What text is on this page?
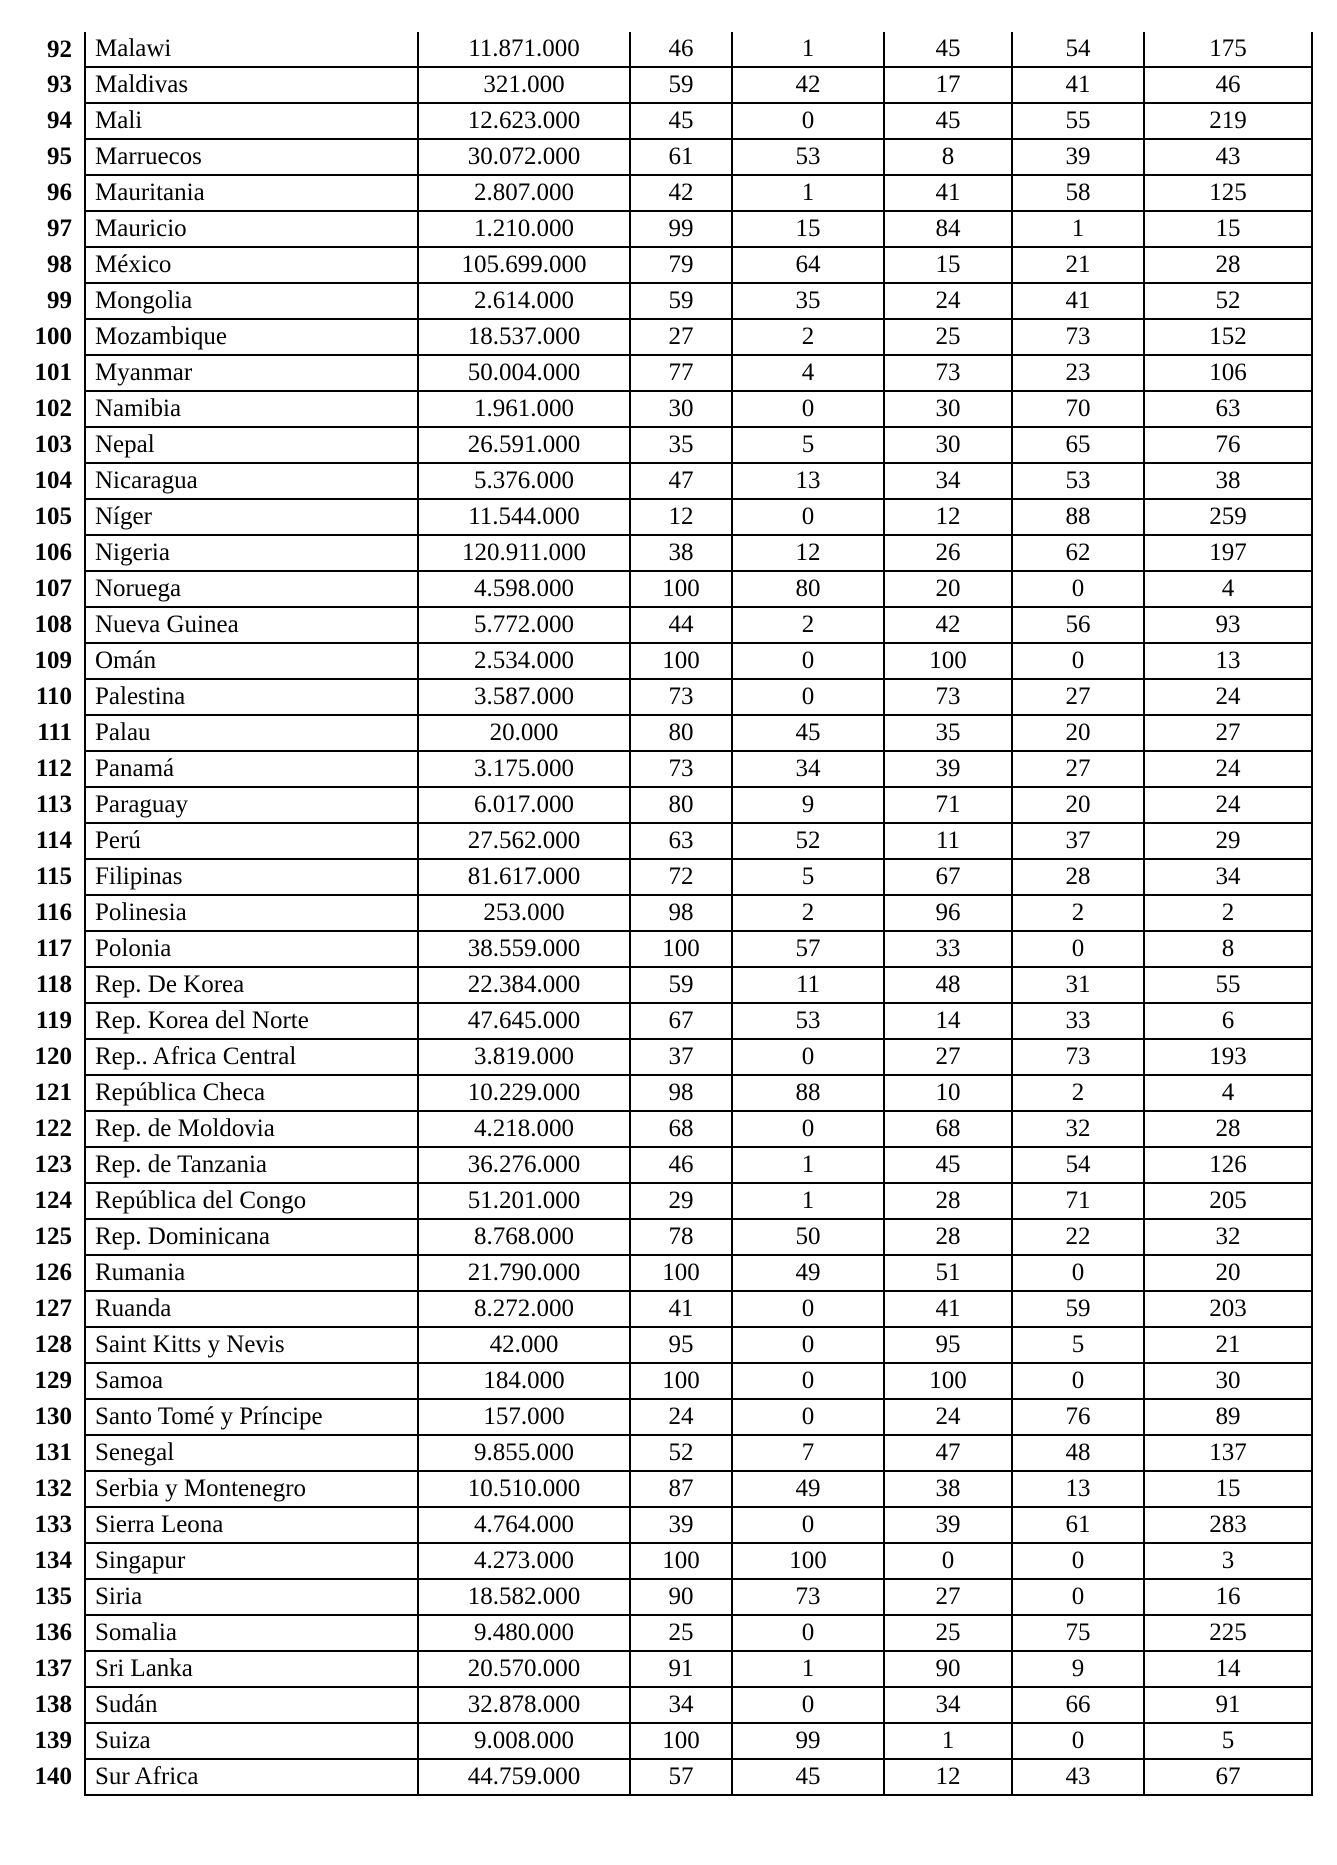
92	Malawi	11.871.000	46	1	45	54	175
93	Maldivas	321.000	59	42	17	41	46
94	Mali	12.623.000	45	0	45	55	219
95	Marruecos	30.072.000	61	53	8	39	43
96	Mauritania	2.807.000	42	1	41	58	125
97	Mauricio	1.210.000	99	15	84	1	15
98	México	105.699.000	79	64	15	21	28
99	Mongolia	2.614.000	59	35	24	41	52
100	Mozambique	18.537.000	27	2	25	73	152
101	Myanmar	50.004.000	77	4	73	23	106
102	Namibia	1.961.000	30	0	30	70	63
103	Nepal	26.591.000	35	5	30	65	76
104	Nicaragua	5.376.000	47	13	34	53	38
105	Níger	11.544.000	12	0	12	88	259
106	Nigeria	120.911.000	38	12	26	62	197
107	Noruega	4.598.000	100	80	20	0	4
108	Nueva Guinea	5.772.000	44	2	42	56	93
109	Omán	2.534.000	100	0	100	0	13
110	Palestina	3.587.000	73	0	73	27	24
111	Palau	20.000	80	45	35	20	27
112	Panamá	3.175.000	73	34	39	27	24
113	Paraguay	6.017.000	80	9	71	20	24
114	Perú	27.562.000	63	52	11	37	29
115	Filipinas	81.617.000	72	5	67	28	34
116	Polinesia	253.000	98	2	96	2	2
117	Polonia	38.559.000	100	57	33	0	8
118	Rep. De Korea	22.384.000	59	11	48	31	55
119	Rep. Korea del Norte	47.645.000	67	53	14	33	6
120	Rep.. Africa Central	3.819.000	37	0	27	73	193
121	República Checa	10.229.000	98	88	10	2	4
122	Rep. de Moldovia	4.218.000	68	0	68	32	28
123	Rep. de Tanzania	36.276.000	46	1	45	54	126
124	República del Congo	51.201.000	29	1	28	71	205
125	Rep. Dominicana	8.768.000	78	50	28	22	32
126	Rumania	21.790.000	100	49	51	0	20
127	Ruanda	8.272.000	41	0	41	59	203
128	Saint Kitts y Nevis	42.000	95	0	95	5	21
129	Samoa	184.000	100	0	100	0	30
130	Santo Tomé y Príncipe	157.000	24	0	24	76	89
131	Senegal	9.855.000	52	7	47	48	137
132	Serbia y Montenegro	10.510.000	87	49	38	13	15
133	Sierra Leona	4.764.000	39	0	39	61	283
134	Singapur	4.273.000	100	100	0	0	3
135	Siria	18.582.000	90	73	27	0	16
136	Somalia	9.480.000	25	0	25	75	225
137	Sri Lanka	20.570.000	91	1	90	9	14
138	Sudán	32.878.000	34	0	34	66	91
139	Suiza	9.008.000	100	99	1	0	5
140	Sur Africa	44.759.000	57	45	12	43	67
